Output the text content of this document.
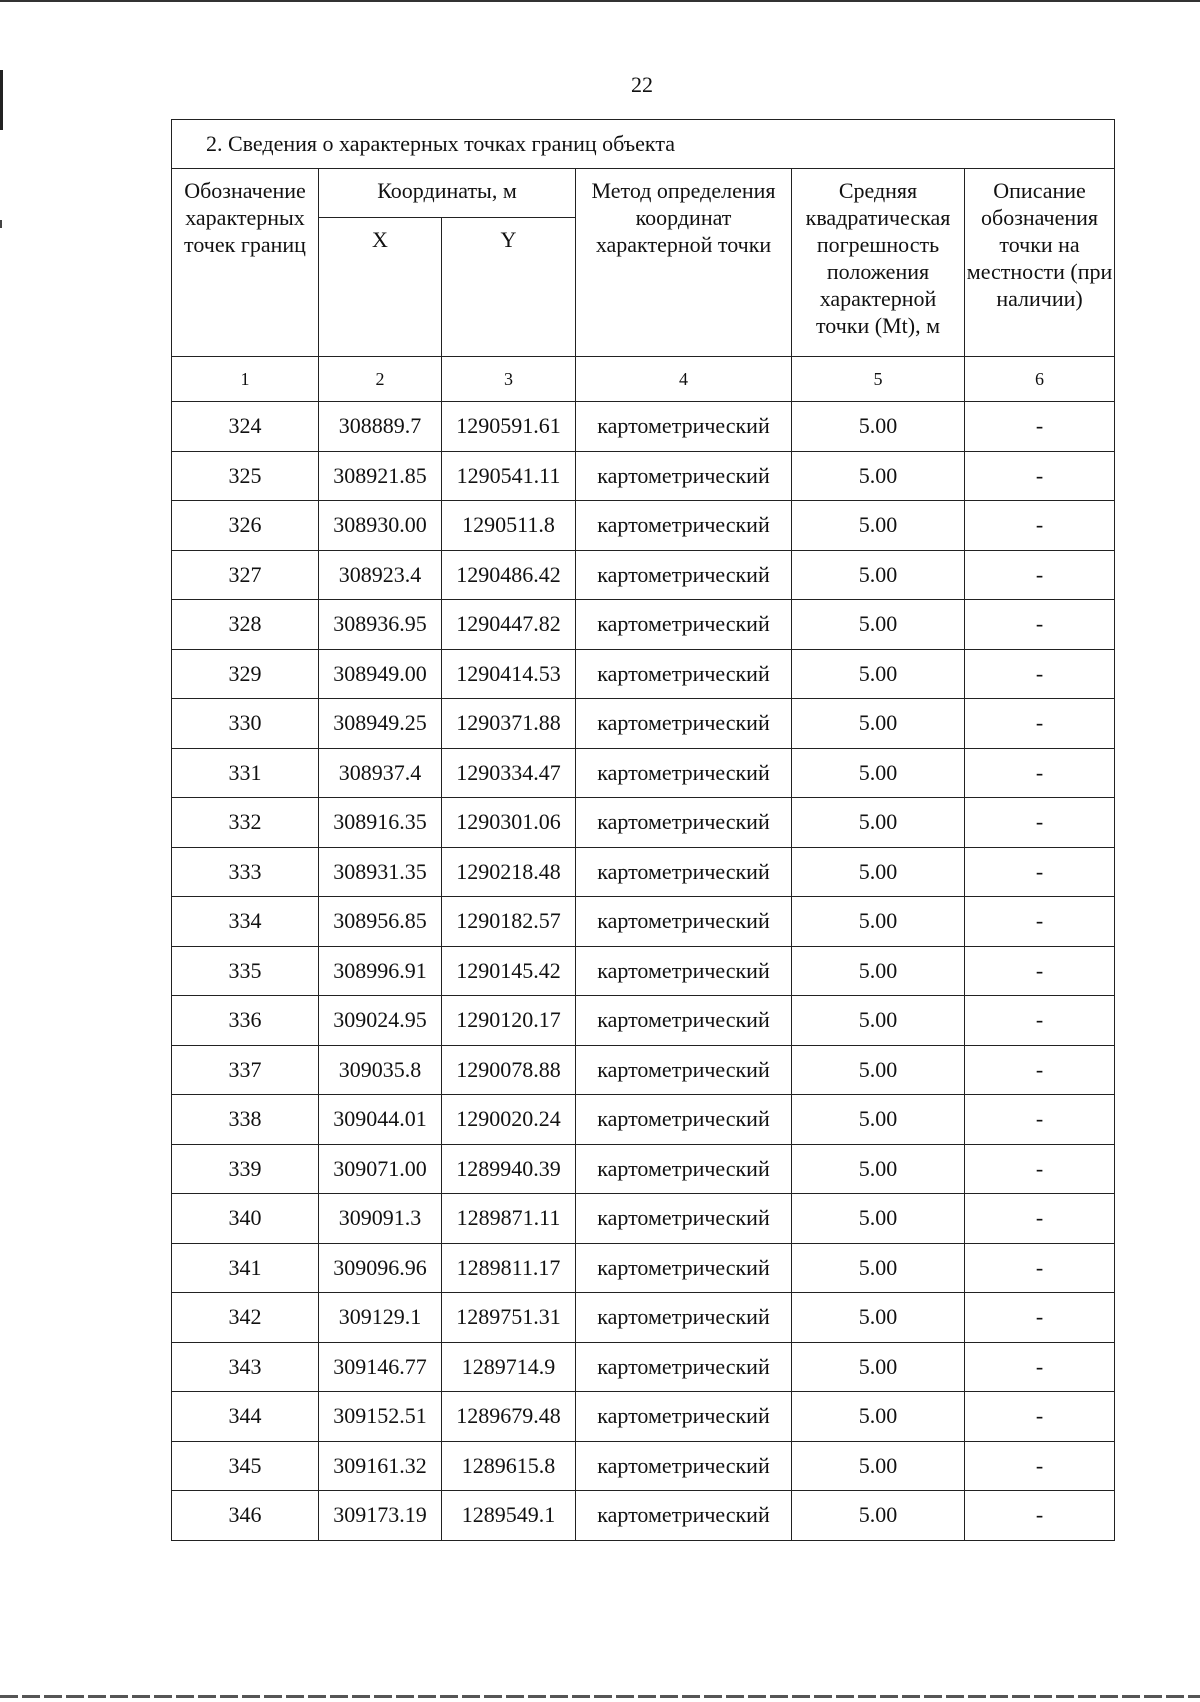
22
2. Сведения о характерных точках границ объекта					
Обозначение характерных точек границ	Координаты, м		Метод определения координат характерной точки	Средняя квадратическая погрешность положения характерной точки (Mt), м	Описание обозначения точки на местности (при наличии)
	X	Y			
1	2	3	4	5	6
324	308889.7	1290591.61	картометрический	5.00	-
325	308921.85	1290541.11	картометрический	5.00	-
326	308930.00	1290511.8	картометрический	5.00	-
327	308923.4	1290486.42	картометрический	5.00	-
328	308936.95	1290447.82	картометрический	5.00	-
329	308949.00	1290414.53	картометрический	5.00	-
330	308949.25	1290371.88	картометрический	5.00	-
331	308937.4	1290334.47	картометрический	5.00	-
332	308916.35	1290301.06	картометрический	5.00	-
333	308931.35	1290218.48	картометрический	5.00	-
334	308956.85	1290182.57	картометрический	5.00	-
335	308996.91	1290145.42	картометрический	5.00	-
336	309024.95	1290120.17	картометрический	5.00	-
337	309035.8	1290078.88	картометрический	5.00	-
338	309044.01	1290020.24	картометрический	5.00	-
339	309071.00	1289940.39	картометрический	5.00	-
340	309091.3	1289871.11	картометрический	5.00	-
341	309096.96	1289811.17	картометрический	5.00	-
342	309129.1	1289751.31	картометрический	5.00	-
343	309146.77	1289714.9	картометрический	5.00	-
344	309152.51	1289679.48	картометрический	5.00	-
345	309161.32	1289615.8	картометрический	5.00	-
346	309173.19	1289549.1	картометрический	5.00	-
